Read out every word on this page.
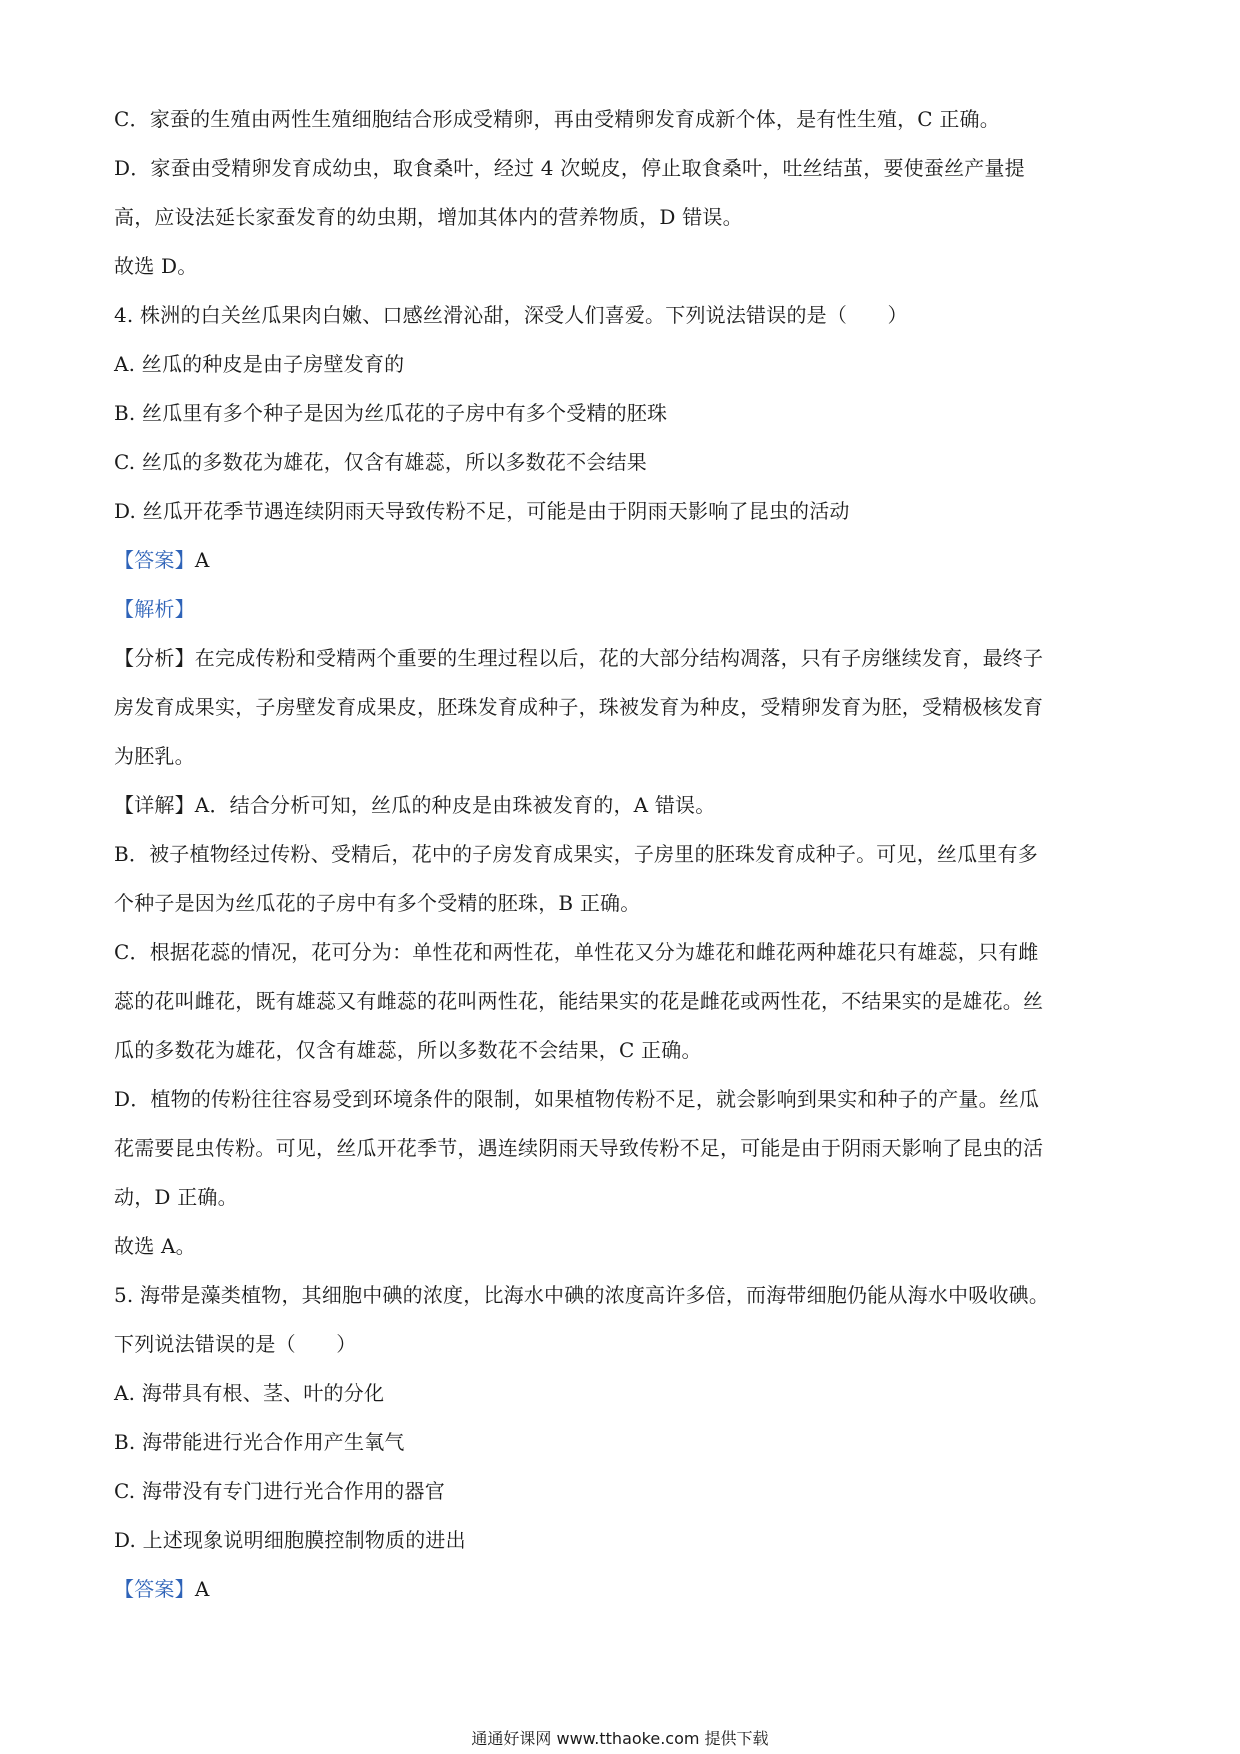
C．家蚕的生殖由两性生殖细胞结合形成受精卵，再由受精卵发育成新个体，是有性生殖，C 正确。
D．家蚕由受精卵发育成幼虫，取食桑叶，经过 4 次蜕皮，停止取食桑叶，吐丝结茧，要使蚕丝产量提
高，应设法延长家蚕发育的幼虫期，增加其体内的营养物质，D 错误。
故选 D。
4. 株洲的白关丝瓜果肉白嫩、口感丝滑沁甜，深受人们喜爱。下列说法错误的是（　　）
A. 丝瓜的种皮是由子房壁发育的
B. 丝瓜里有多个种子是因为丝瓜花的子房中有多个受精的胚珠
C. 丝瓜的多数花为雄花，仅含有雄蕊，所以多数花不会结果
D. 丝瓜开花季节遇连续阴雨天导致传粉不足，可能是由于阴雨天影响了昆虫的活动
【答案】A
【解析】
【分析】在完成传粉和受精两个重要的生理过程以后，花的大部分结构凋落，只有子房继续发育，最终子
房发育成果实，子房壁发育成果皮，胚珠发育成种子，珠被发育为种皮，受精卵发育为胚，受精极核发育
为胚乳。
【详解】A．结合分析可知，丝瓜的种皮是由珠被发育的，A 错误。
B．被子植物经过传粉、受精后，花中的子房发育成果实，子房里的胚珠发育成种子。可见，丝瓜里有多
个种子是因为丝瓜花的子房中有多个受精的胚珠，B 正确。
C．根据花蕊的情况，花可分为：单性花和两性花，单性花又分为雄花和雌花两种雄花只有雄蕊，只有雌
蕊的花叫雌花，既有雄蕊又有雌蕊的花叫两性花，能结果实的花是雌花或两性花，不结果实的是雄花。丝
瓜的多数花为雄花，仅含有雄蕊，所以多数花不会结果，C 正确。
D．植物的传粉往往容易受到环境条件的限制，如果植物传粉不足，就会影响到果实和种子的产量。丝瓜
花需要昆虫传粉。可见，丝瓜开花季节，遇连续阴雨天导致传粉不足，可能是由于阴雨天影响了昆虫的活
动，D 正确。
故选 A。
5. 海带是藻类植物，其细胞中碘的浓度，比海水中碘的浓度高许多倍，而海带细胞仍能从海水中吸收碘。
下列说法错误的是（　　）
A. 海带具有根、茎、叶的分化
B. 海带能进行光合作用产生氧气
C. 海带没有专门进行光合作用的器官
D. 上述现象说明细胞膜控制物质的进出
【答案】A
通通好课网 www.tthaoke.com 提供下载
